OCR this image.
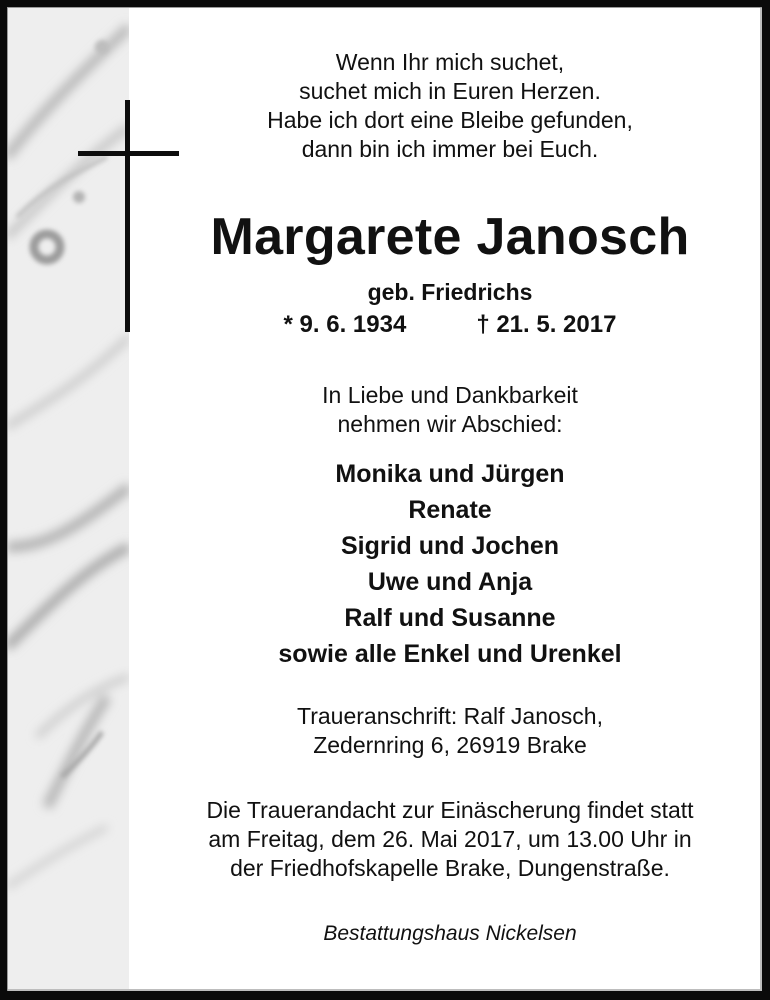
Wenn Ihr mich suchet,
suchet mich in Euren Herzen.
Habe ich dort eine Bleibe gefunden,
dann bin ich immer bei Euch.
Margarete Janosch
geb. Friedrichs
* 9. 6. 1934	† 21. 5. 2017
In Liebe und Dankbarkeit
nehmen wir Abschied:
Monika und Jürgen
Renate
Sigrid und Jochen
Uwe und Anja
Ralf und Susanne
sowie alle Enkel und Urenkel
Traueranschrift: Ralf Janosch,
Zedernring 6, 26919 Brake
Die Trauerandacht zur Einäscherung findet statt
am Freitag, dem 26. Mai 2017, um 13.00 Uhr in
der Friedhofskapelle Brake, Dungenstraße.
Bestattungshaus Nickelsen
